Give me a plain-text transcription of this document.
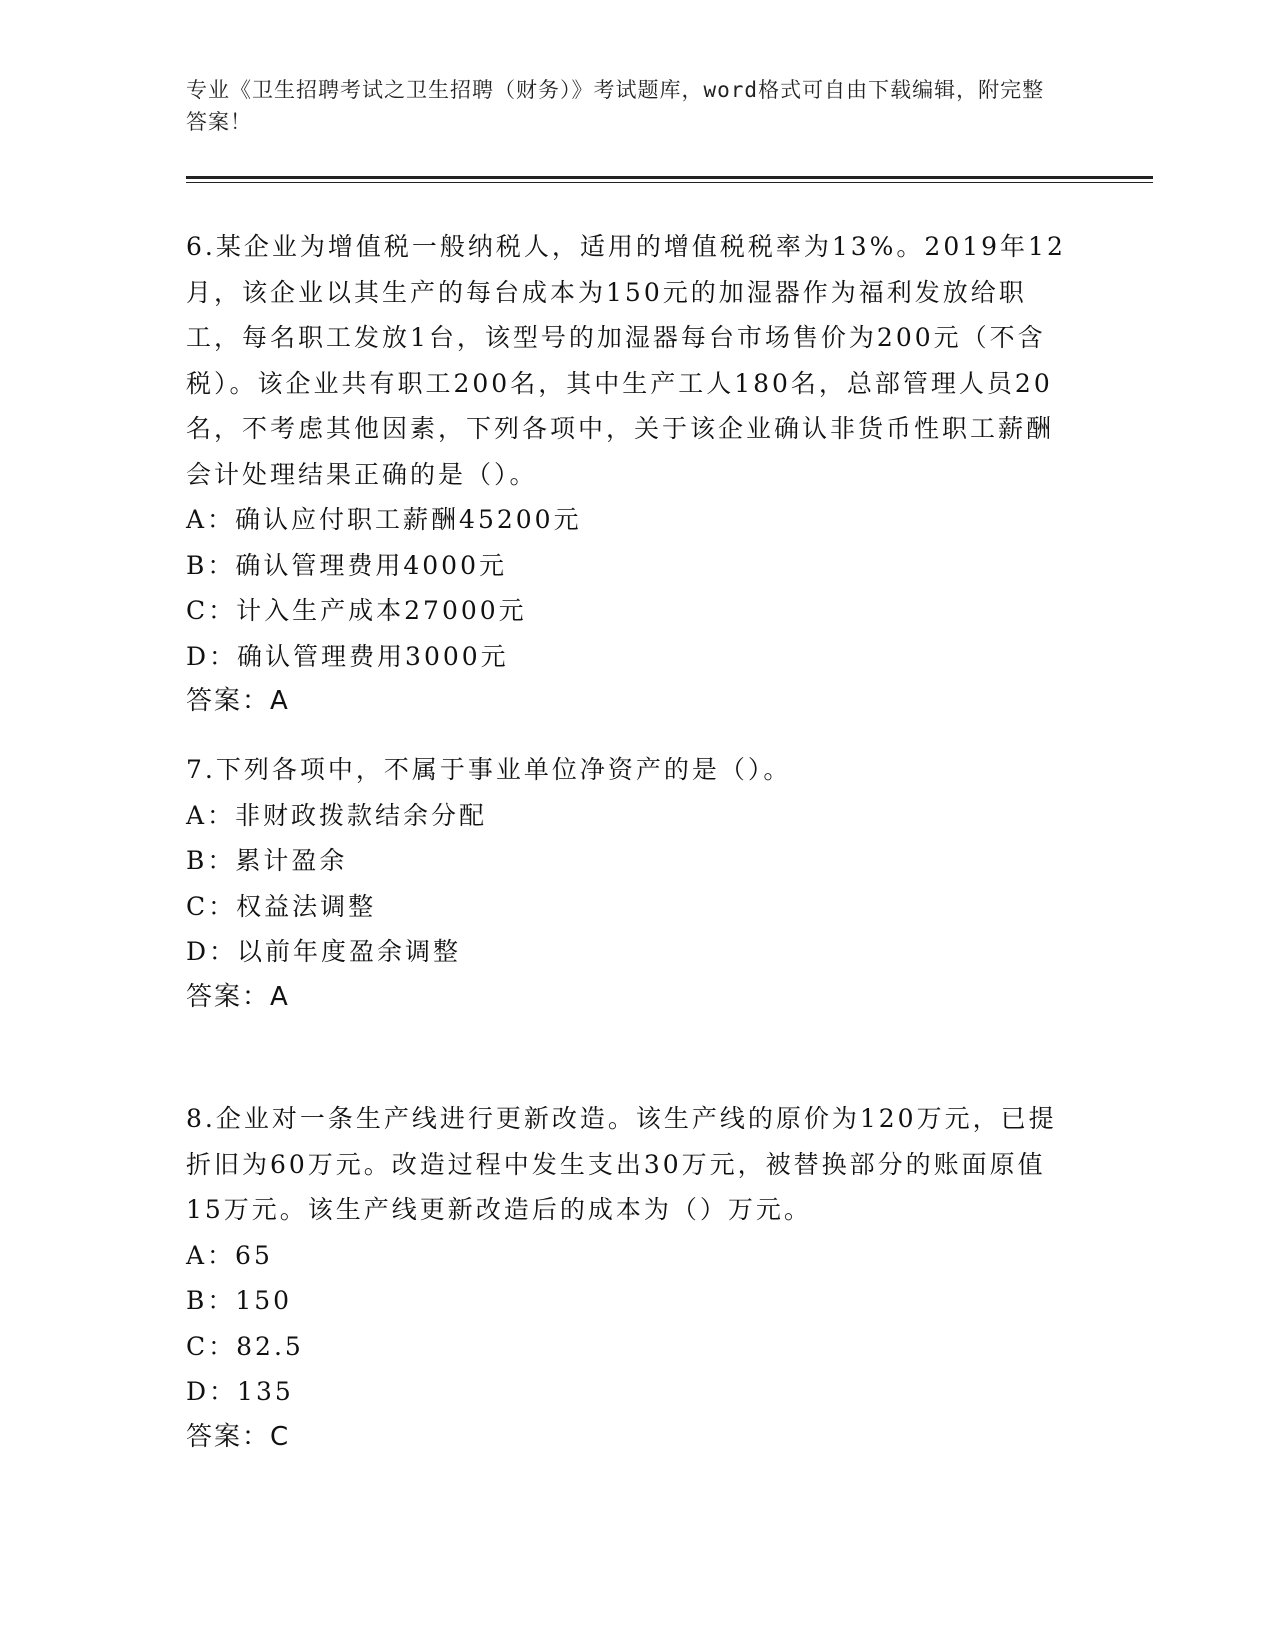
专业《卫生招聘考试之卫生招聘（财务）》考试题库，word格式可自由下载编辑，附完整答案！

6.某企业为增值税一般纳税人，适用的增值税税率为13%。2019年12月，该企业以其生产的每台成本为150元的加湿器作为福利发放给职工，每名职工发放1台，该型号的加湿器每台市场售价为200元（不含税）。该企业共有职工200名，其中生产工人180名，总部管理人员20名，不考虑其他因素，下列各项中，关于该企业确认非货币性职工薪酬会计处理结果正确的是（）。

A：确认应付职工薪酬45200元

B：确认管理费用4000元

C：计入生产成本27000元

D：确认管理费用3000元

答案：A

7.下列各项中，不属于事业单位净资产的是（）。

A：非财政拨款结余分配

B：累计盈余

C：权益法调整

D：以前年度盈余调整

答案：A

8.企业对一条生产线进行更新改造。该生产线的原价为120万元，已提折旧为60万元。改造过程中发生支出30万元，被替换部分的账面原值15万元。该生产线更新改造后的成本为（）万元。

A：65

B：150

C：82.5

D：135

答案：C
